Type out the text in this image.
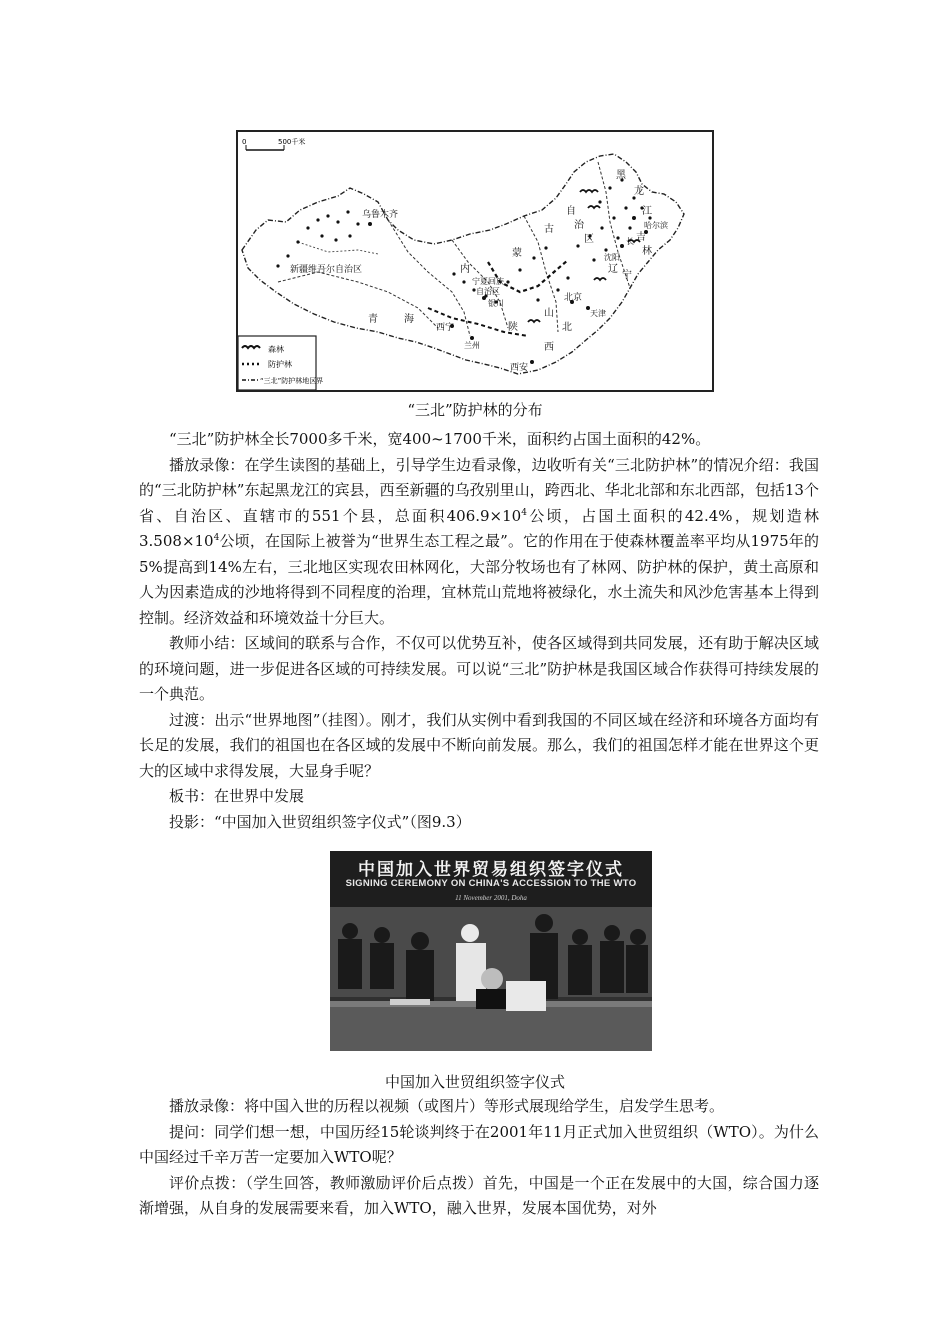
0	500千米
乌鲁木齐
新疆维吾尔自治区
青	海
西宁
兰州
内
蒙
古
自
治
区
宁夏回族
自治区
银川
陕
西
山
北
北京
天津
西安
黑
龙
江
吉
林
辽
宁
沈阳
长
哈尔滨
森林
防护林
“三北”防护林地区界
“三北”防护林的分布

“三北”防护林全长7000多千米，宽400~1700千米，面积约占国土面积的42%。

播放录像：在学生读图的基础上，引导学生边看录像，边收听有关“三北防护林”的情况介绍：我国的“三北防护林”东起黑龙江的宾县，西至新疆的乌孜别里山，跨西北、华北北部和东北西部，包括13个省、自治区、直辖市的551个县，总面积$406.9\times 10^4$公顷，占国土面积的42.4%，规划造林$3.508\times 10^4$公顷，在国际上被誉为“世界生态工程之最”。它的作用在于使森林覆盖率平均从1975年的5%提高到14%左右，三北地区实现农田林网化，大部分牧场也有了林网、防护林的保护，黄土高原和人为因素造成的沙地将得到不同程度的治理，宜林荒山荒地将被绿化，水土流失和风沙危害基本上得到控制。经济效益和环境效益十分巨大。

教师小结：区域间的联系与合作，不仅可以优势互补，使各区域得到共同发展，还有助于解决区域的环境问题，进一步促进各区域的可持续发展。可以说“三北”防护林是我国区域合作获得可持续发展的一个典范。

过渡：出示“世界地图”（挂图）。刚才，我们从实例中看到我国的不同区域在经济和环境各方面均有长足的发展，我们的祖国也在各区域的发展中不断向前发展。那么，我们的祖国怎样才能在世界这个更大的区域中求得发展，大显身手呢？

板书：在世界中发展

投影：“中国加入世贸组织签字仪式”（图9.3）

中国加入世界贸易组织签字仪式
SIGNING CEREMONY ON CHINA'S ACCESSION TO THE WTO
11 November 2001, Doha
中国加入世贸组织签字仪式

播放录像：将中国入世的历程以视频（或图片）等形式展现给学生，启发学生思考。

提问：同学们想一想，中国历经15轮谈判终于在2001年11月正式加入世贸组织（WTO）。为什么中国经过千辛万苦一定要加入WTO呢？

评价点拨：（学生回答，教师激励评价后点拨）首先，中国是一个正在发展中的大国，综合国力逐渐增强，从自身的发展需要来看，加入WTO，融入世界，发展本国优势，对外
